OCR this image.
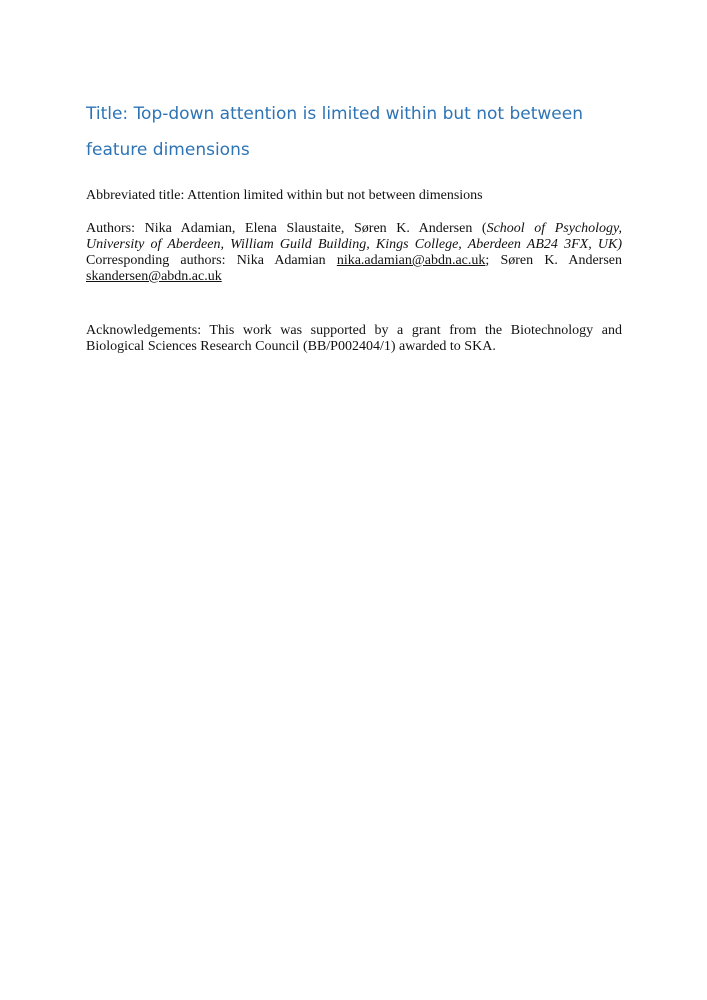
Title: Top-down attention is limited within but not between feature dimensions

Abbreviated title: Attention limited within but not between dimensions

Authors: Nika Adamian, Elena Slaustaite, Søren K. Andersen (School of Psychology, University of Aberdeen, William Guild Building, Kings College, Aberdeen AB24 3FX, UK) Corresponding authors: Nika Adamian nika.adamian@abdn.ac.uk; Søren K. Andersen skandersen@abdn.ac.uk

Acknowledgements: This work was supported by a grant from the Biotechnology and Biological Sciences Research Council (BB/P002404/1) awarded to SKA.
